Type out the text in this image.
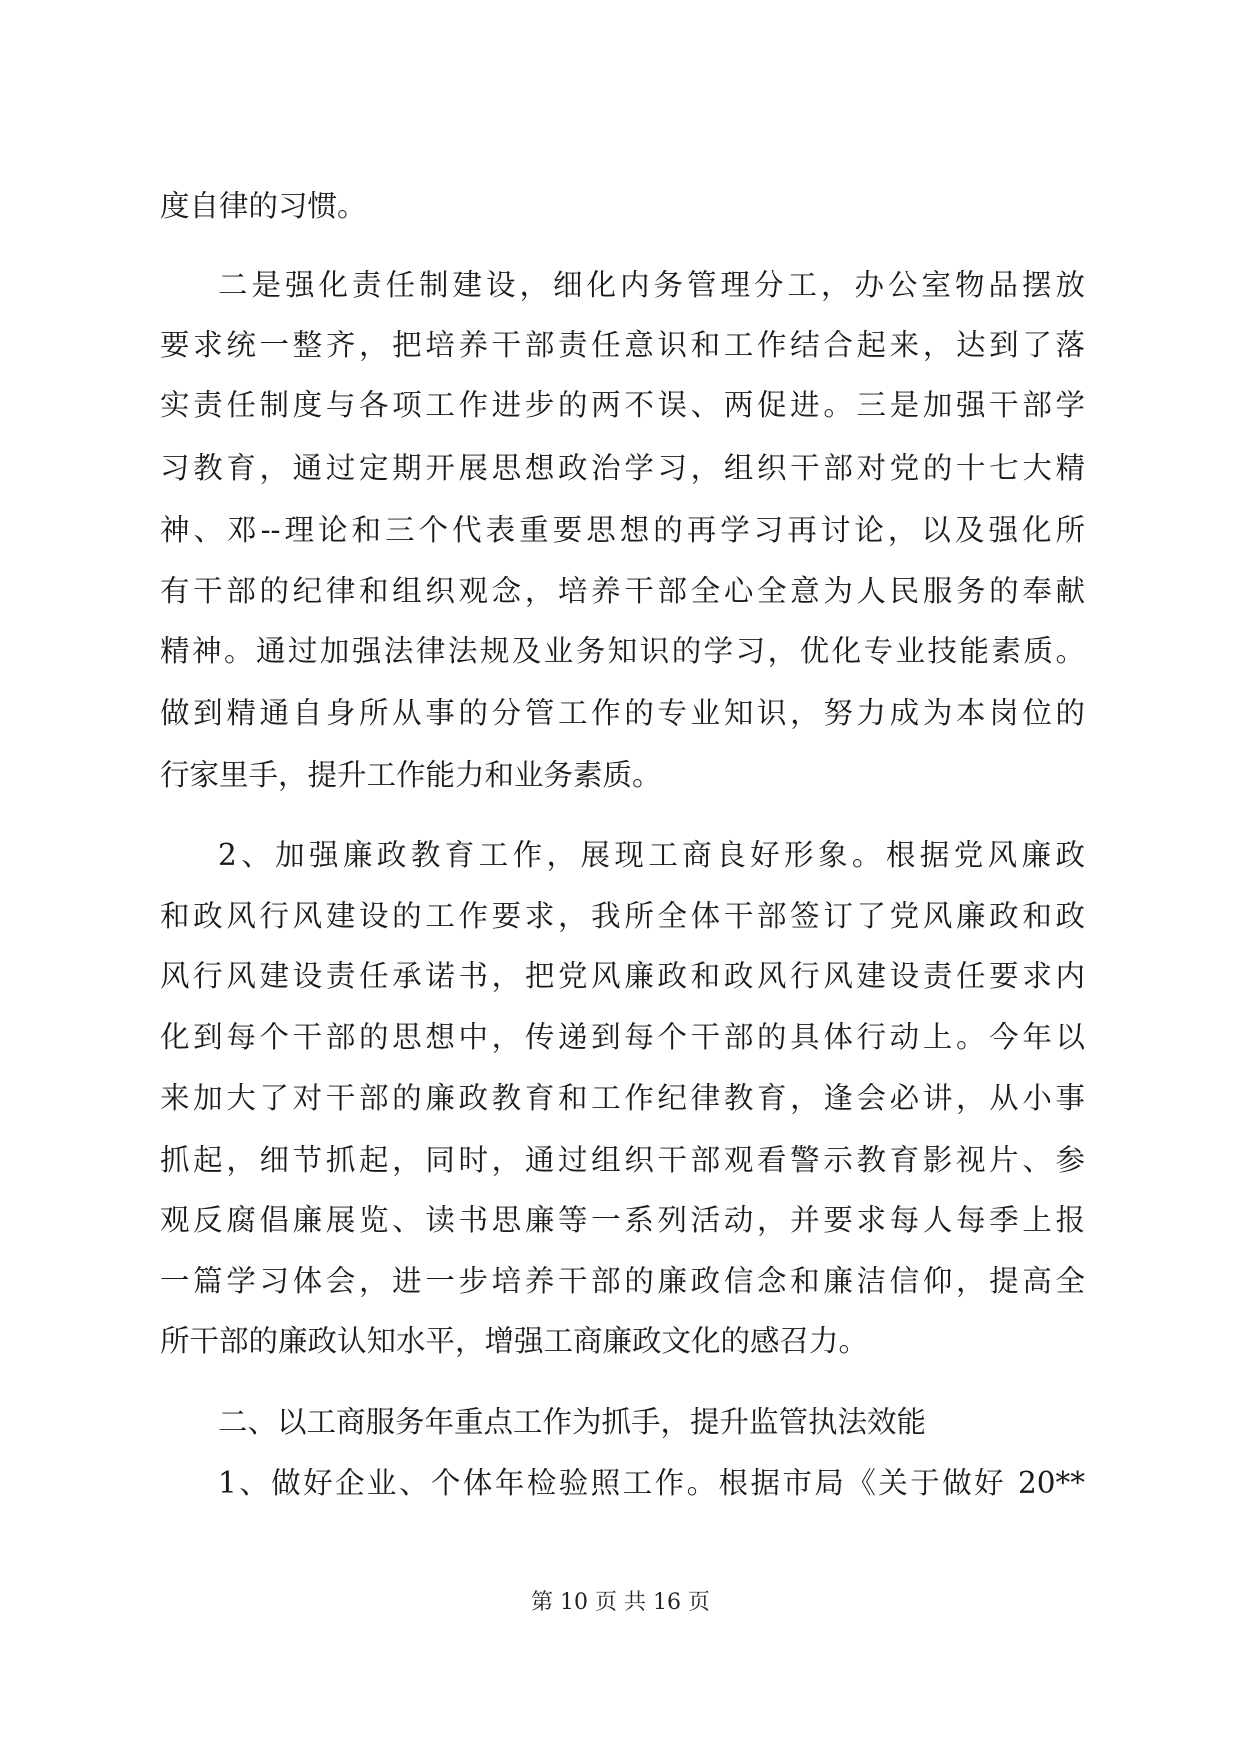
度自律的习惯。
二是强化责任制建设，细化内务管理分工，办公室物品摆放
要求统一整齐，把培养干部责任意识和工作结合起来，达到了落
实责任制度与各项工作进步的两不误、两促进。三是加强干部学
习教育，通过定期开展思想政治学习，组织干部对党的十七大精
神、邓--理论和三个代表重要思想的再学习再讨论，以及强化所
有干部的纪律和组织观念，培养干部全心全意为人民服务的奉献
精神。通过加强法律法规及业务知识的学习，优化专业技能素质。
做到精通自身所从事的分管工作的专业知识，努力成为本岗位的
行家里手，提升工作能力和业务素质。
2、加强廉政教育工作，展现工商良好形象。根据党风廉政
和政风行风建设的工作要求，我所全体干部签订了党风廉政和政
风行风建设责任承诺书，把党风廉政和政风行风建设责任要求内
化到每个干部的思想中，传递到每个干部的具体行动上。今年以
来加大了对干部的廉政教育和工作纪律教育，逢会必讲，从小事
抓起，细节抓起，同时，通过组织干部观看警示教育影视片、参
观反腐倡廉展览、读书思廉等一系列活动，并要求每人每季上报
一篇学习体会，进一步培养干部的廉政信念和廉洁信仰，提高全
所干部的廉政认知水平，增强工商廉政文化的感召力。
二、以工商服务年重点工作为抓手，提升监管执法效能
1、做好企业、个体年检验照工作。根据市局《关于做好 20**
第 10 页 共 16 页
